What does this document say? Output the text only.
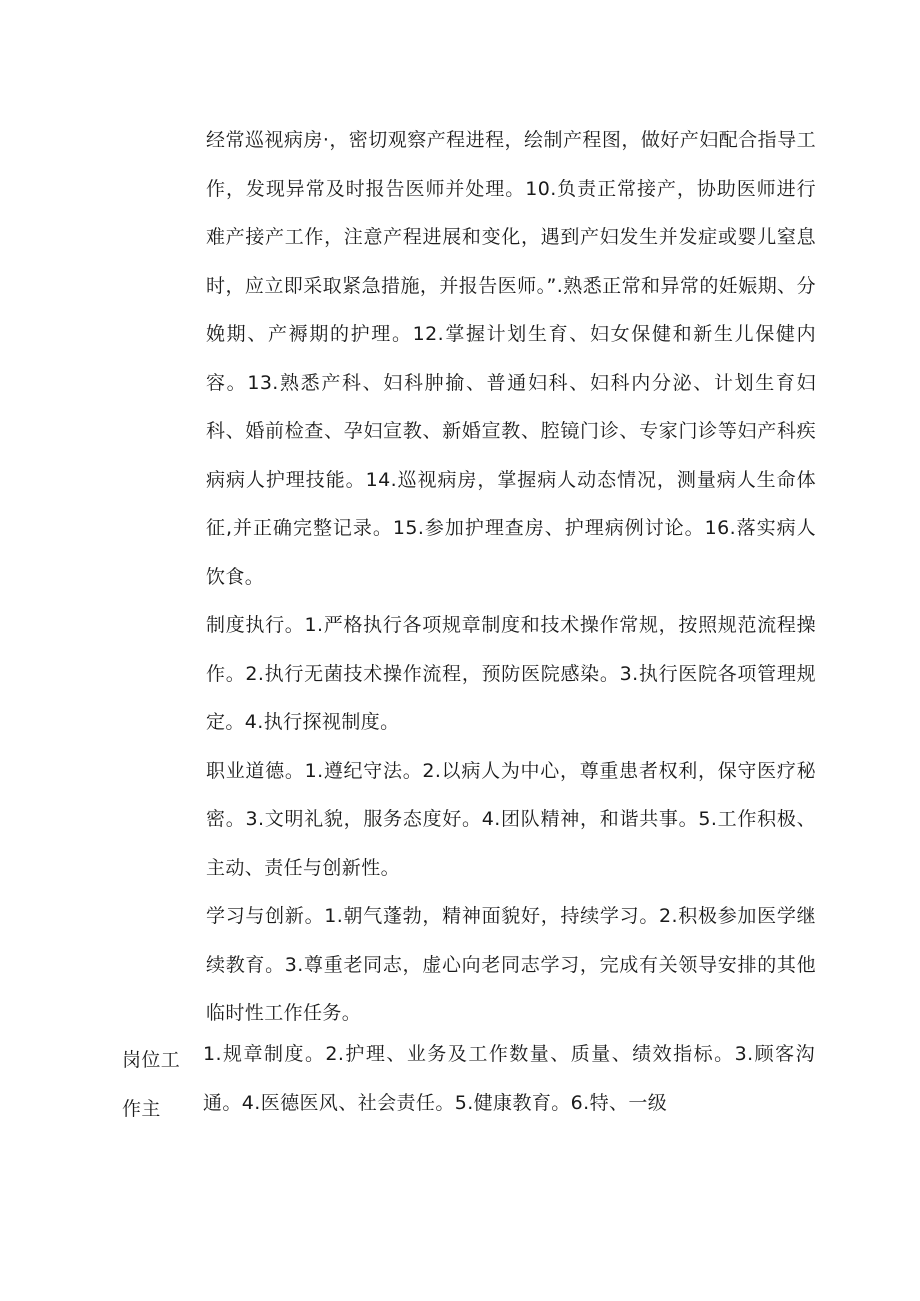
经常巡视病房·，密切观察产程进程，绘制产程图，做好产妇配合指导工作，发现异常及时报告医师并处理。10.负责正常接产，协助医师进行难产接产工作，注意产程进展和变化，遇到产妇发生并发症或婴儿窒息时，应立即采取紧急措施，并报告医师。”.熟悉正常和异常的妊娠期、分娩期、产褥期的护理。12.掌握计划生育、妇女保健和新生儿保健内容。13.熟悉产科、妇科肿揄、普通妇科、妇科内分泌、计划生育妇科、婚前检查、孕妇宣教、新婚宣教、腔镜门诊、专家门诊等妇产科疾病病人护理技能。14.巡视病房，掌握病人动态情况，测量病人生命体征,并正确完整记录。15.参加护理查房、护理病例讨论。16.落实病人饮食。

制度执行。1.严格执行各项规章制度和技术操作常规，按照规范流程操作。2.执行无菌技术操作流程，预防医院感染。3.执行医院各项管理规定。4.执行探视制度。

职业道德。1.遵纪守法。2.以病人为中心，尊重患者权利，保守医疗秘密。3.文明礼貌，服务态度好。4.团队精神，和谐共事。5.工作积极、主动、责任与创新性。

学习与创新。1.朝气蓬勃，精神面貌好，持续学习。2.积极参加医学继续教育。3.尊重老同志，虚心向老同志学习，完成有关领导安排的其他临时性工作任务。

岗位工作主
1.规章制度。2.护理、业务及工作数量、质量、绩效指标。3.顾客沟通。4.医德医风、社会责任。5.健康教育。6.特、一级
